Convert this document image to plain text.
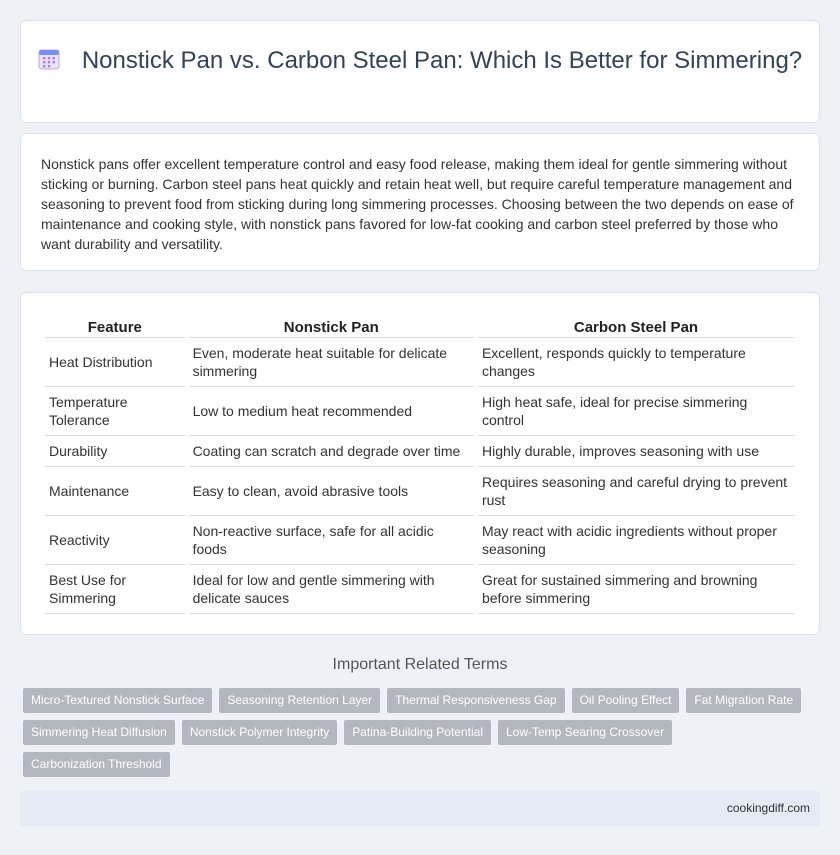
Nonstick Pan vs. Carbon Steel Pan: Which Is Better for Simmering?

Nonstick pans offer excellent temperature control and easy food release, making them ideal for gentle simmering without sticking or burning. Carbon steel pans heat quickly and retain heat well, but require careful temperature management and seasoning to prevent food from sticking during long simmering processes. Choosing between the two depends on ease of maintenance and cooking style, with nonstick pans favored for low-fat cooking and carbon steel preferred by those who want durability and versatility.

Feature	Nonstick Pan	Carbon Steel Pan
Heat Distribution	Even, moderate heat suitable for delicate simmering	Excellent, responds quickly to temperature changes
Temperature Tolerance	Low to medium heat recommended	High heat safe, ideal for precise simmering control
Durability	Coating can scratch and degrade over time	Highly durable, improves seasoning with use
Maintenance	Easy to clean, avoid abrasive tools	Requires seasoning and careful drying to prevent rust
Reactivity	Non-reactive surface, safe for all acidic foods	May react with acidic ingredients without proper seasoning
Best Use for Simmering	Ideal for low and gentle simmering with delicate sauces	Great for sustained simmering and browning before simmering
Important Related Terms
Micro-Textured Nonstick Surface	Seasoning Retention Layer	Thermal Responsiveness Gap	Oil Pooling Effect	Fat Migration Rate
Simmering Heat Diffusion	Nonstick Polymer Integrity	Patina-Building Potential	Low-Temp Searing Crossover
Carbonization Threshold
cookingdiff.com
